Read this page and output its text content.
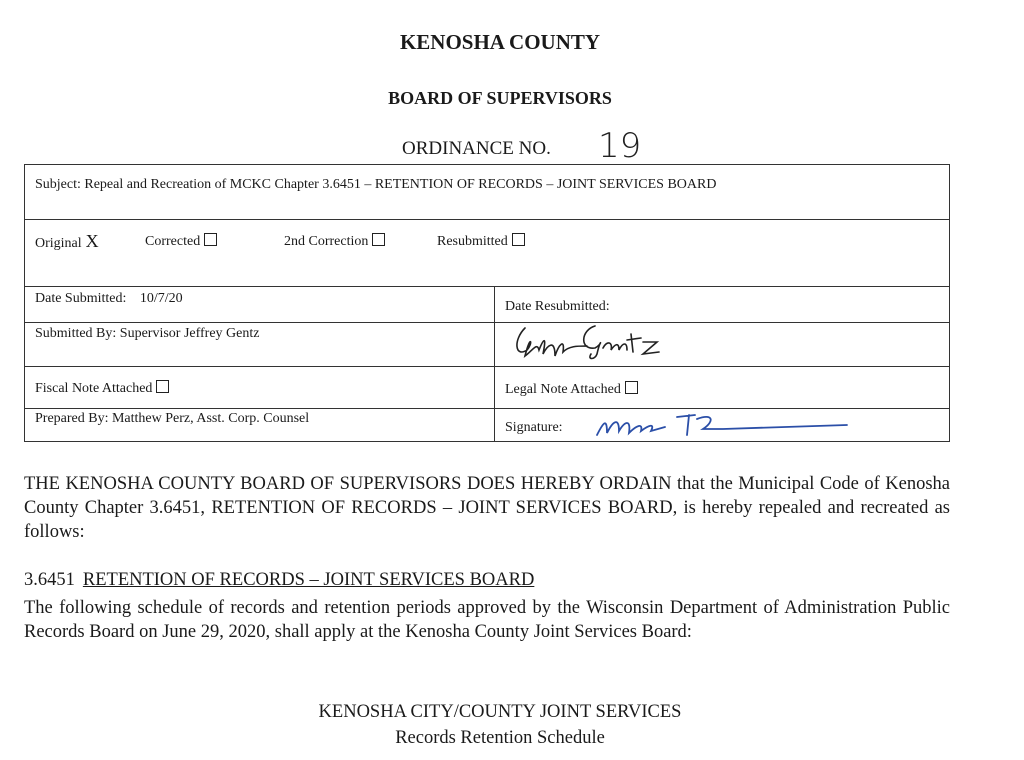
KENOSHA COUNTY
BOARD OF SUPERVISORS
ORDINANCE NO. 19
Subject: Repeal and Recreation of MCKC Chapter 3.6451 – RETENTION OF RECORDS – JOINT SERVICES BOARD
Original X	Corrected	2nd Correction	Resubmitted
Date Submitted: 10/7/20
Date Resubmitted:
Submitted By: Supervisor Jeffrey Gentz
Fiscal Note Attached	Legal Note Attached
Prepared By: Matthew Perz, Asst. Corp. Counsel
Signature:
THE KENOSHA COUNTY BOARD OF SUPERVISORS DOES HEREBY ORDAIN that the Municipal Code of Kenosha County Chapter 3.6451, RETENTION OF RECORDS – JOINT SERVICES BOARD, is hereby repealed and recreated as follows:
3.6451 RETENTION OF RECORDS – JOINT SERVICES BOARD
The following schedule of records and retention periods approved by the Wisconsin Department of Administration Public Records Board on June 29, 2020, shall apply at the Kenosha County Joint Services Board:
KENOSHA CITY/COUNTY JOINT SERVICES
Records Retention Schedule
